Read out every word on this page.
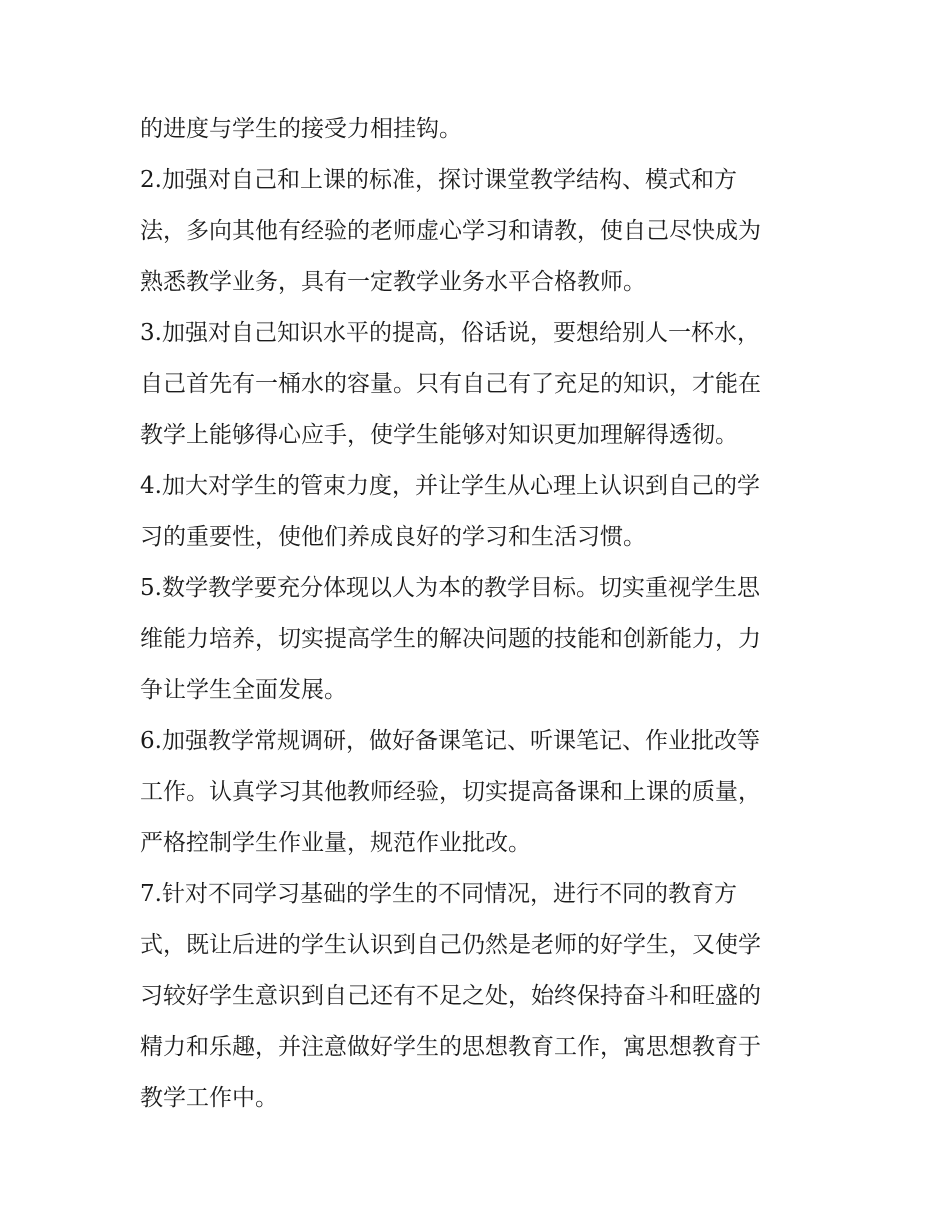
的进度与学生的接受力相挂钩。
2.加强对自己和上课的标准，探讨课堂教学结构、模式和方
法，多向其他有经验的老师虚心学习和请教，使自己尽快成为
熟悉教学业务，具有一定教学业务水平合格教师。
3.加强对自己知识水平的提高，俗话说，要想给别人一杯水，
自己首先有一桶水的容量。只有自己有了充足的知识，才能在
教学上能够得心应手，使学生能够对知识更加理解得透彻。
4.加大对学生的管束力度，并让学生从心理上认识到自己的学
习的重要性，使他们养成良好的学习和生活习惯。
5.数学教学要充分体现以人为本的教学目标。切实重视学生思
维能力培养，切实提高学生的解决问题的技能和创新能力，力
争让学生全面发展。
6.加强教学常规调研，做好备课笔记、听课笔记、作业批改等
工作。认真学习其他教师经验，切实提高备课和上课的质量，
严格控制学生作业量，规范作业批改。
7.针对不同学习基础的学生的不同情况，进行不同的教育方
式，既让后进的学生认识到自己仍然是老师的好学生，又使学
习较好学生意识到自己还有不足之处，始终保持奋斗和旺盛的
精力和乐趣，并注意做好学生的思想教育工作，寓思想教育于
教学工作中。
